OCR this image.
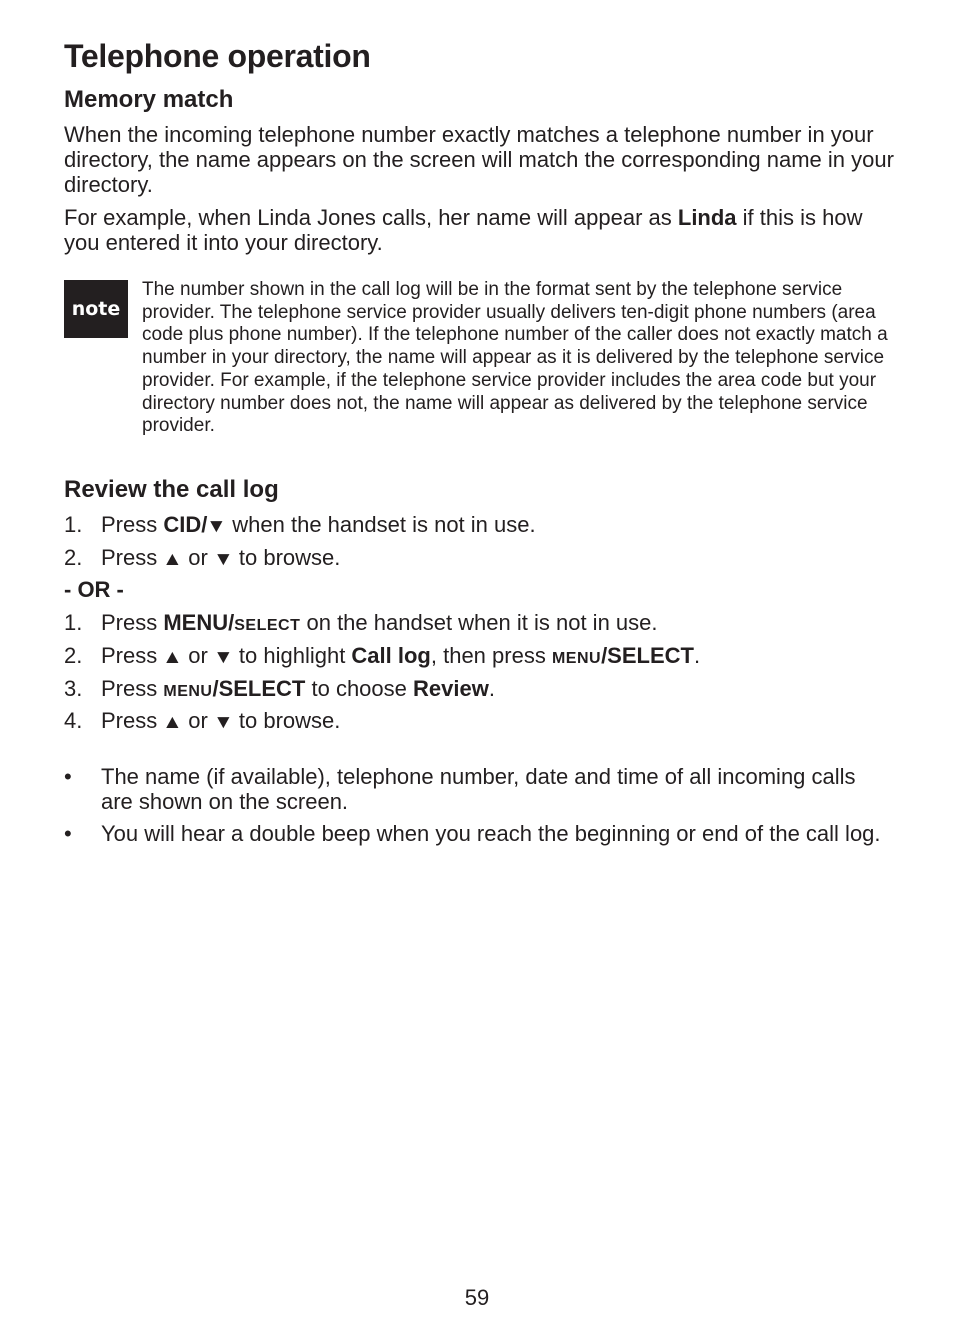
Telephone operation
Memory match

When the incoming telephone number exactly matches a telephone number in your directory, the name appears on the screen will match the corresponding name in your directory.

For example, when Linda Jones calls, her name will appear as Linda if this is how you entered it into your directory.

note

The number shown in the call log will be in the format sent by the telephone service provider. The telephone service provider usually delivers ten-digit phone numbers (area code plus phone number). If the telephone number of the caller does not exactly match a number in your directory, the name will appear as it is delivered by the telephone service provider. For example, if the telephone service provider includes the area code but your directory number does not, the name will appear as delivered by the telephone service provider.

Review the call log
1. Press CID/▼ when the handset is not in use.
2. Press ▲ or ▼ to browse.
- OR -
1. Press MENU/SELECT on the handset when it is not in use.
2. Press ▲ or ▼ to highlight Call log, then press MENU/SELECT.
3. Press MENU/SELECT to choose Review.
4. Press ▲ or ▼ to browse.
• The name (if available), telephone number, date and time of all incoming calls are shown on the screen.
• You will hear a double beep when you reach the beginning or end of the call log.
59
